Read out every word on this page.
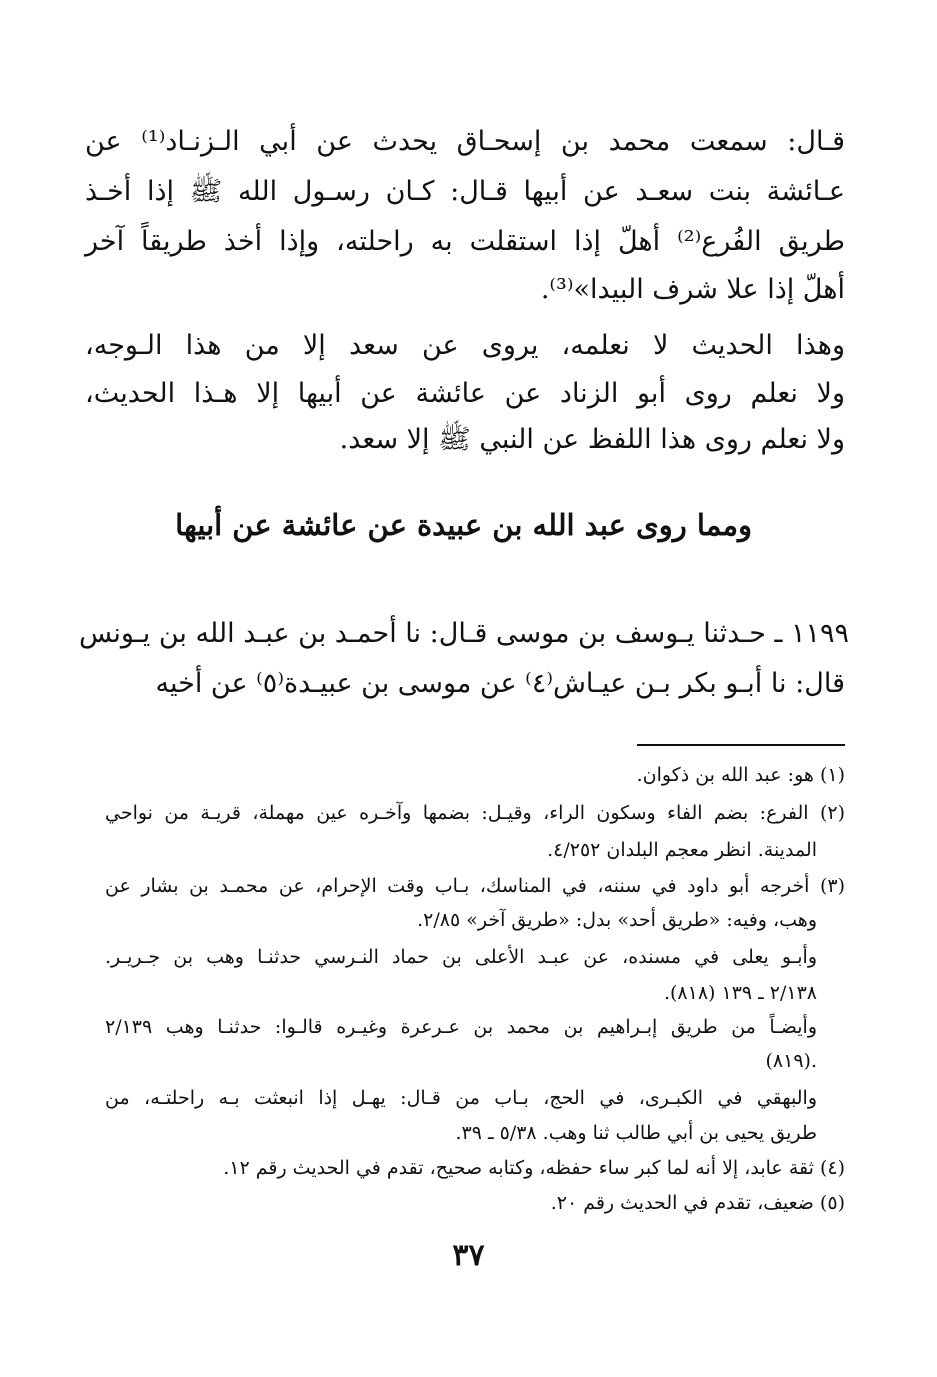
قـال: سمعت محمد بن إسحـاق يحدث عن أبي الـزنـاد⁽¹⁾ عن
عـائشة بنت سعـد عن أبيها قـال: كـان رسـول الله ﷺ إذا أخـذ
طريق الفُرع⁽²⁾ أهلّ إذا استقلت به راحلته، وإذا أخذ طريقاً آخر
أهلّ إذا علا شرف البيدا»⁽³⁾.
وهذا الحديث لا نعلمه، يروى عن سعد إلا من هذا الـوجه،
ولا نعلم روى أبو الزناد عن عائشة عن أبيها إلا هـذا الحديث،
ولا نعلم روى هذا اللفظ عن النبي ﷺ إلا سعد.
ومما روى عبد الله بن عبيدة عن عائشة عن أبيها
١١٩٩ ـ حـدثنا يـوسف بن موسى قـال: نا أحمـد بن عبـد الله بن يـونس
قال: نا أبـو بكر بـن عيـاش⁽٤⁾ عن موسى بن عبيـدة⁽٥⁾ عن أخيه
(١) هو: عبد الله بن ذكوان.
(٢) الفرع: بضم الفاء وسكون الراء، وقيـل: بضمها وآخـره عين مهملة، قريـة من نواحي
المدينة. انظر معجم البلدان ٤/٢٥٢.
(٣) أخرجه أبو داود في سننه، في المناسك، بـاب وقت الإحرام، عن محمـد بن بشار عن
وهب، وفيه: «طريق أحد» بدل: «طريق آخر» ٢/٨٥.
وأبـو يعلى في مسنده، عن عبـد الأعلى بن حماد النـرسي حدثنـا وهب بن جـريـر.
٢/١٣٨ ـ ١٣٩ (٨١٨).
وأيضـاً من طريق إبـراهيم بن محمد بن عـرعرة وغيـره قالـوا: حدثنـا وهب ٢/١٣٩
(٨١٩).
والبهقي في الكبـرى، في الحج، بـاب من قـال: يهـل إذا انبعثت بـه راحلتـه، من
طريق يحيى بن أبي طالب ثنا وهب. ٥/٣٨ ـ ٣٩.
(٤) ثقة عابد، إلا أنه لما كبر ساء حفظه، وكتابه صحيح، تقدم في الحديث رقم ١٢.
(٥) ضعيف، تقدم في الحديث رقم ٢٠.
٣٧
